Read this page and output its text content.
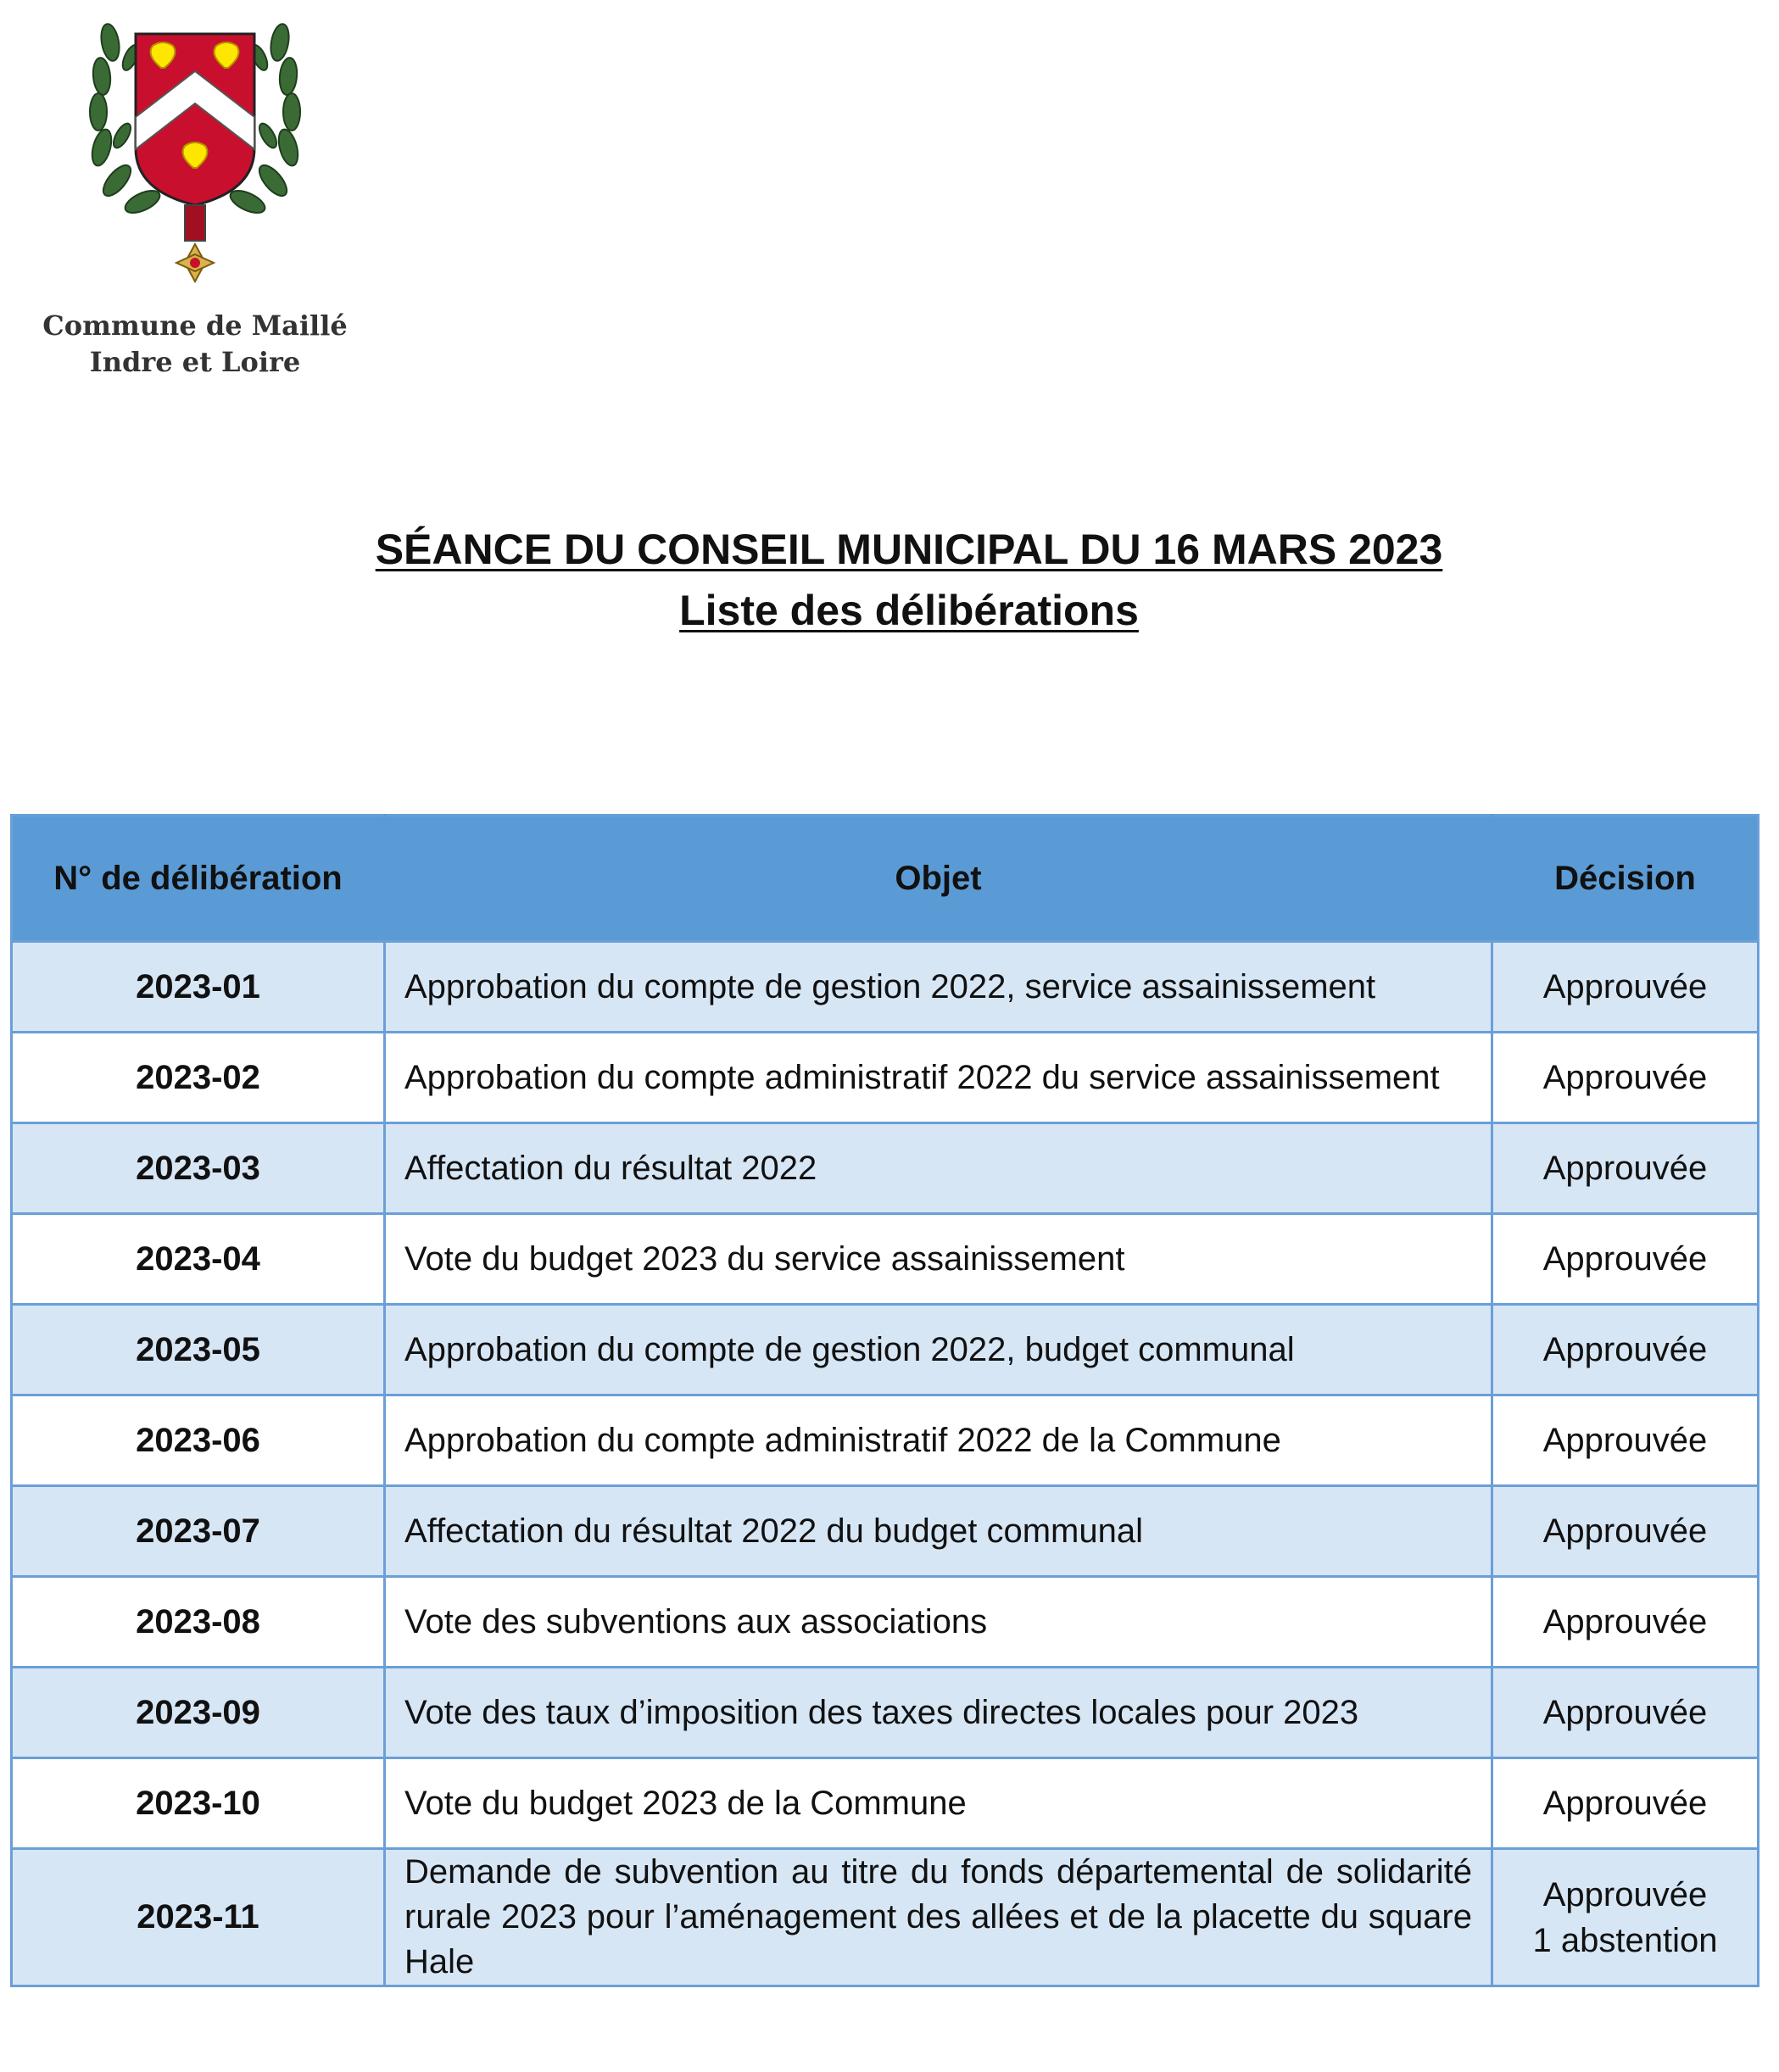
Commune de Maillé
Indre et Loire
SÉANCE DU CONSEIL MUNICIPAL DU 16 MARS 2023
Liste des délibérations
N° de délibération	Objet	Décision
2023-01	Approbation du compte de gestion 2022, service assainissement	Approuvée
2023-02	Approbation du compte administratif 2022 du service assainissement	Approuvée
2023-03	Affectation du résultat 2022	Approuvée
2023-04	Vote du budget 2023 du service assainissement	Approuvée
2023-05	Approbation du compte de gestion 2022, budget communal	Approuvée
2023-06	Approbation du compte administratif 2022 de la Commune	Approuvée
2023-07	Affectation du résultat 2022 du budget communal	Approuvée
2023-08	Vote des subventions aux associations	Approuvée
2023-09	Vote des taux d’imposition des taxes directes locales pour 2023	Approuvée
2023-10	Vote du budget 2023 de la Commune	Approuvée
2023-11	Demande de subvention au titre du fonds départemental de solidarité rurale 2023 pour l’aménagement des allées et de la placette du square Hale	Approuvée
1 abstention
